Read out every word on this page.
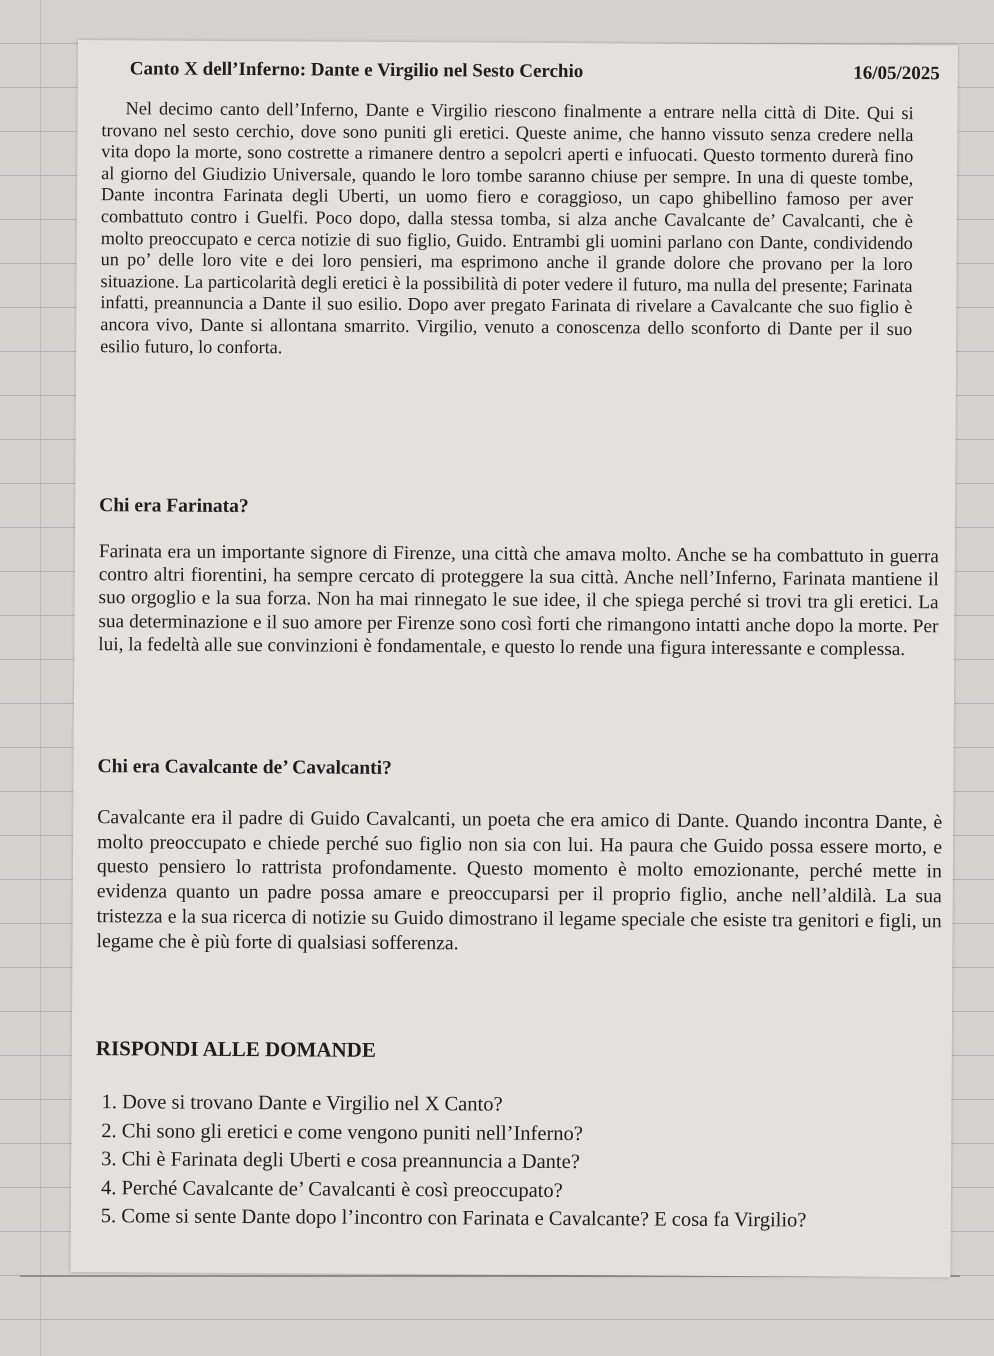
Canto X dell’Inferno: Dante e Virgilio nel Sesto Cerchio	16/05/2025

Nel decimo canto dell’Inferno, Dante e Virgilio riescono finalmente a entrare nella città di Dite. Qui si trovano nel sesto cerchio, dove sono puniti gli eretici. Queste anime, che hanno vissuto senza credere nella vita dopo la morte, sono costrette a rimanere dentro a sepolcri aperti e infuocati. Questo tormento durerà fino al giorno del Giudizio Universale, quando le loro tombe saranno chiuse per sempre. In una di queste tombe, Dante incontra Farinata degli Uberti, un uomo fiero e coraggioso, un capo ghibellino famoso per aver combattuto contro i Guelfi. Poco dopo, dalla stessa tomba, si alza anche Cavalcante de’ Cavalcanti, che è molto preoccupato e cerca notizie di suo figlio, Guido. Entrambi gli uomini parlano con Dante, condividendo un po’ delle loro vite e dei loro pensieri, ma esprimono anche il grande dolore che provano per la loro situazione. La particolarità degli eretici è la possibilità di poter vedere il futuro, ma nulla del presente; Farinata infatti, preannuncia a Dante il suo esilio. Dopo aver pregato Farinata di rivelare a Cavalcante che suo figlio è ancora vivo, Dante si allontana smarrito. Virgilio, venuto a conoscenza dello sconforto di Dante per il suo esilio futuro, lo conforta.

Chi era Farinata?

Farinata era un importante signore di Firenze, una città che amava molto. Anche se ha combattuto in guerra contro altri fiorentini, ha sempre cercato di proteggere la sua città. Anche nell’Inferno, Farinata mantiene il suo orgoglio e la sua forza. Non ha mai rinnegato le sue idee, il che spiega perché si trovi tra gli eretici. La sua determinazione e il suo amore per Firenze sono così forti che rimangono intatti anche dopo la morte. Per lui, la fedeltà alle sue convinzioni è fondamentale, e questo lo rende una figura interessante e complessa.

Chi era Cavalcante de’ Cavalcanti?

Cavalcante era il padre di Guido Cavalcanti, un poeta che era amico di Dante. Quando incontra Dante, è molto preoccupato e chiede perché suo figlio non sia con lui. Ha paura che Guido possa essere morto, e questo pensiero lo rattrista profondamente. Questo momento è molto emozionante, perché mette in evidenza quanto un padre possa amare e preoccuparsi per il proprio figlio, anche nell’aldilà. La sua tristezza e la sua ricerca di notizie su Guido dimostrano il legame speciale che esiste tra genitori e figli, un legame che è più forte di qualsiasi sofferenza.

RISPONDI ALLE DOMANDE
1. Dove si trovano Dante e Virgilio nel X Canto?
2. Chi sono gli eretici e come vengono puniti nell’Inferno?
3. Chi è Farinata degli Uberti e cosa preannuncia a Dante?
4. Perché Cavalcante de’ Cavalcanti è così preoccupato?
5. Come si sente Dante dopo l’incontro con Farinata e Cavalcante? E cosa fa Virgilio?
